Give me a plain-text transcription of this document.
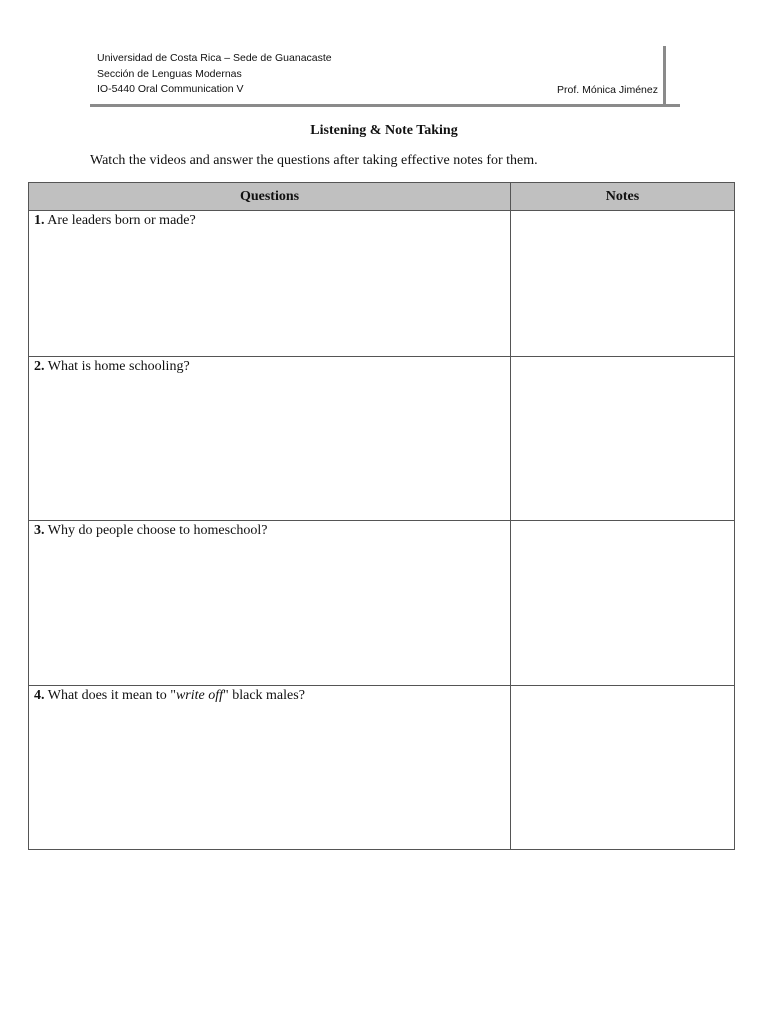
Universidad de Costa Rica – Sede de Guanacaste
Sección de Lenguas Modernas
IO-5440 Oral Communication V	Prof. Mónica Jiménez
Listening & Note Taking
Watch the videos and answer the questions after taking effective notes for them.
Questions	Notes
1. Are leaders born or made?	
2. What is home schooling?	
3. Why do people choose to homeschool?	
4. What does it mean to "write off" black males?	
